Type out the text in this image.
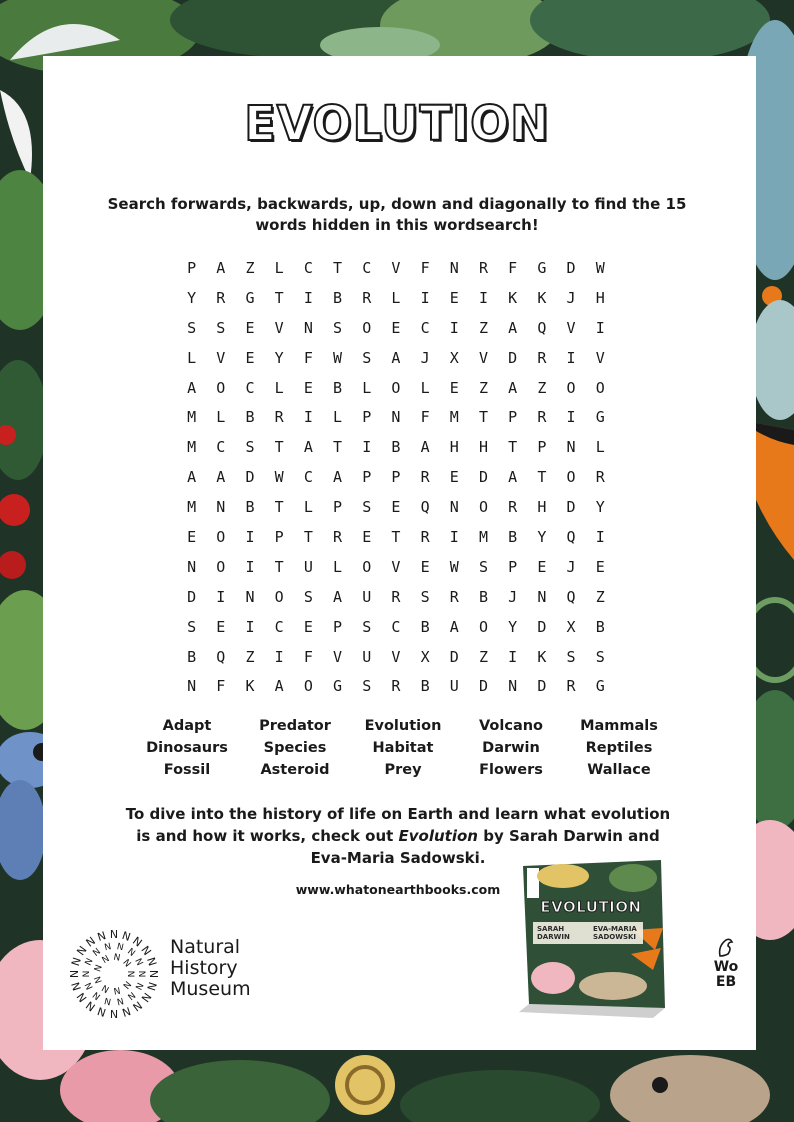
EVOLUTION
Search forwards, backwards, up, down and diagonally to find the 15 words hidden in this wordsearch!
P	A	Z	L	C	T	C	V	F	N	R	F	G	D	W
Y	R	G	T	I	B	R	L	I	E	I	K	K	J	H
S	S	E	V	N	S	O	E	C	I	Z	A	Q	V	I
L	V	E	Y	F	W	S	A	J	X	V	D	R	I	V
A	O	C	L	E	B	L	O	L	E	Z	A	Z	O	O
M	L	B	R	I	L	P	N	F	M	T	P	R	I	G
M	C	S	T	A	T	I	B	A	H	H	T	P	N	L
A	A	D	W	C	A	P	P	R	E	D	A	T	O	R
M	N	B	T	L	P	S	E	Q	N	O	R	H	D	Y
E	O	I	P	T	R	E	T	R	I	M	B	Y	Q	I
N	O	I	T	U	L	O	V	E	W	S	P	E	J	E
D	I	N	O	S	A	U	R	S	R	B	J	N	Q	Z
S	E	I	C	E	P	S	C	B	A	O	Y	D	X	B
B	Q	Z	I	F	V	U	V	X	D	Z	I	K	S	S
N	F	K	A	O	G	S	R	B	U	D	N	D	R	G
Adapt	Predator	Evolution	Volcano	Mammals
Dinosaurs	Species	Habitat	Darwin	Reptiles
Fossil	Asteroid	Prey	Flowers	Wallace
To dive into the history of life on Earth and learn what evolution
is and how it works, check out Evolution by Sarah Darwin and
Eva-Maria Sadowski.
www.whatonearthbooks.com
N
N
N
N
N
N
N
N
N
N
N
N
N
N
N N N
N
N
N
N
N
N
N
N
N
N
N
N
N N N N
N
N
N
N
N
N
N
N N N
Natural
History
Museum
EVOLUTION
SARAH DARWIN
EVA-MARIA SADOWSKI
Wo
EB
